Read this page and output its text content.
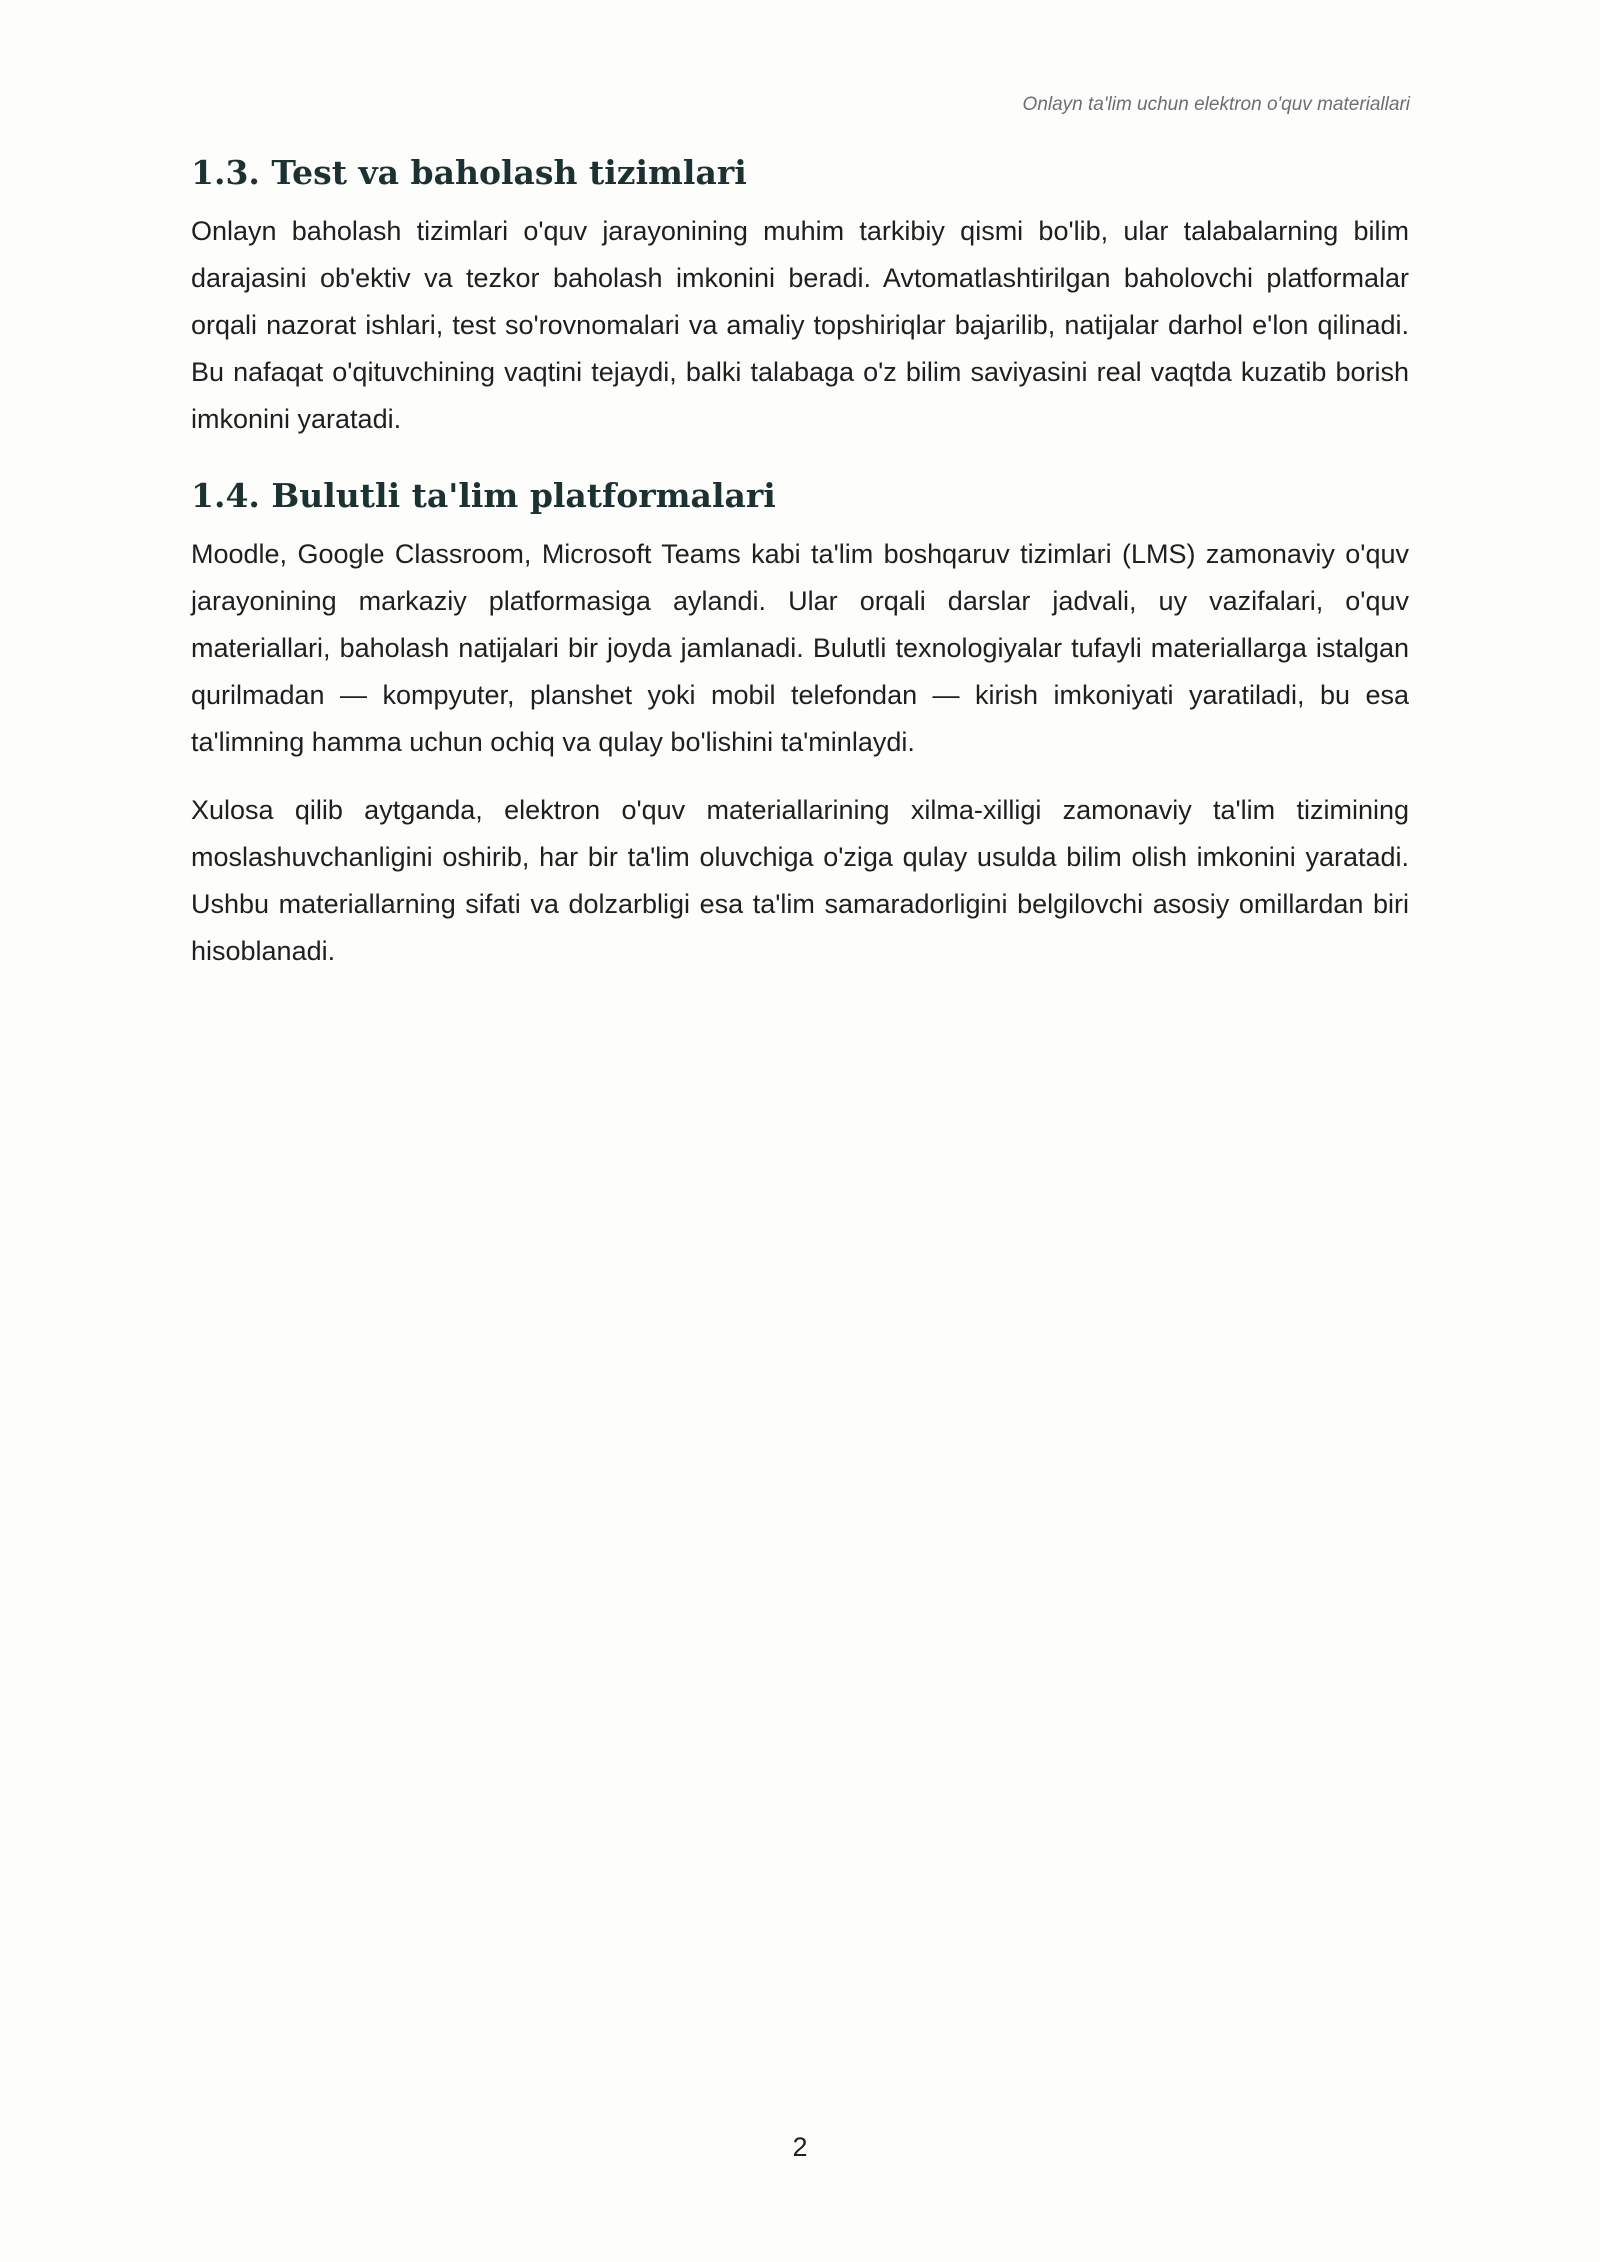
Onlayn ta'lim uchun elektron o'quv materiallari
1.3. Test va baholash tizimlari

Onlayn baholash tizimlari o'quv jarayonining muhim tarkibiy qismi bo'lib, ular talabalarning bilim darajasini ob'ektiv va tezkor baholash imkonini beradi. Avtomatlashtirilgan baholovchi platformalar orqali nazorat ishlari, test so'rovnomalari va amaliy topshiriqlar bajarilib, natijalar darhol e'lon qilinadi. Bu nafaqat o'qituvchining vaqtini tejaydi, balki talabaga o'z bilim saviyasini real vaqtda kuzatib borish imkonini yaratadi.

1.4. Bulutli ta'lim platformalari

Moodle, Google Classroom, Microsoft Teams kabi ta'lim boshqaruv tizimlari (LMS) zamonaviy o'quv jarayonining markaziy platformasiga aylandi. Ular orqali darslar jadvali, uy vazifalari, o'quv materiallari, baholash natijalari bir joyda jamlanadi. Bulutli texnologiyalar tufayli materiallarga istalgan qurilmadan — kompyuter, planshet yoki mobil telefondan — kirish imkoniyati yaratiladi, bu esa ta'limning hamma uchun ochiq va qulay bo'lishini ta'minlaydi.

Xulosa qilib aytganda, elektron o'quv materiallarining xilma-xilligi zamonaviy ta'lim tizimining moslashuvchanligini oshirib, har bir ta'lim oluvchiga o'ziga qulay usulda bilim olish imkonini yaratadi. Ushbu materiallarning sifati va dolzarbligi esa ta'lim samaradorligini belgilovchi asosiy omillardan biri hisoblanadi.

2
